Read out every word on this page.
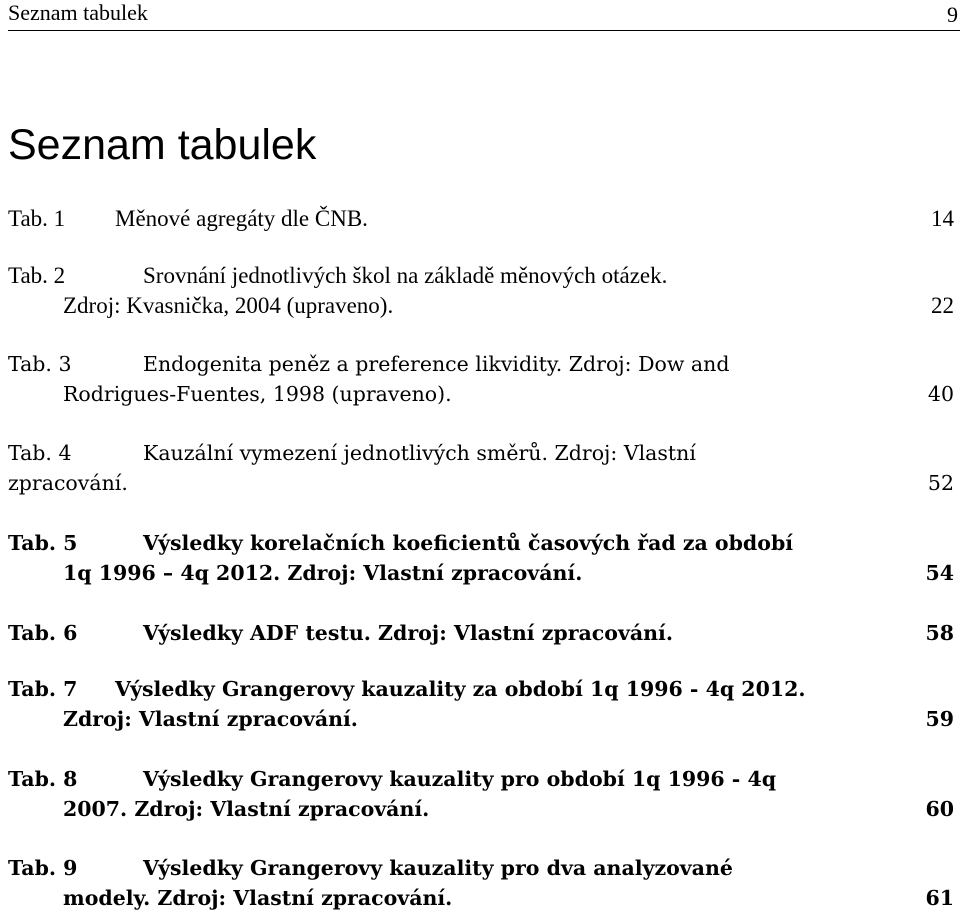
Seznam tabulek	9
Seznam tabulek
Tab. 1 Měnové agregáty dle ČNB.	14
Tab. 2	Srovnání jednotlivých škol na základě měnových otázek.
Zdroj: Kvasnička, 2004 (upraveno).	22
Tab. 3	Endogenita peněz a preference likvidity. Zdroj: Dow and
Rodrigues-Fuentes, 1998 (upraveno).	40
Tab. 4	Kauzální vymezení jednotlivých směrů. Zdroj: Vlastní
zpracování.	52
Tab. 5	Výsledky korelačních koeficientů časových řad za období
1q 1996 – 4q 2012. Zdroj: Vlastní zpracování.	54
Tab. 6	Výsledky ADF testu. Zdroj: Vlastní zpracování.	58
Tab. 7 Výsledky Grangerovy kauzality za období 1q 1996 - 4q 2012.
Zdroj: Vlastní zpracování.	59
Tab. 8	Výsledky Grangerovy kauzality pro období 1q 1996 - 4q
2007. Zdroj: Vlastní zpracování.	60
Tab. 9	Výsledky Grangerovy kauzality pro dva analyzované
modely. Zdroj: Vlastní zpracování.	61
